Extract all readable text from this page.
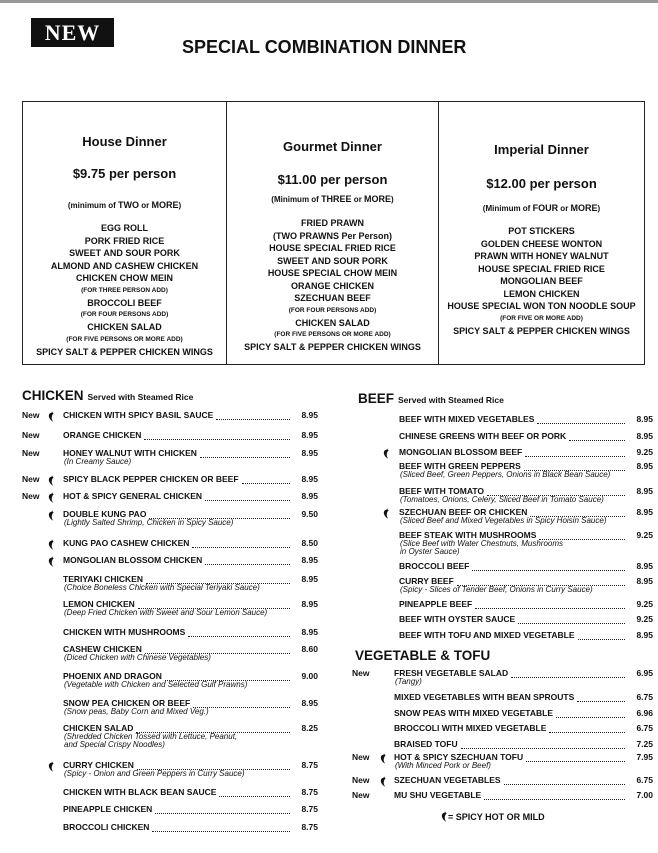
NEW
SPECIAL COMBINATION DINNER
House Dinner
$9.75 per person
(minimum of TWO or MORE)
EGG ROLL
PORK FRIED RICE
SWEET AND SOUR PORK
ALMOND AND CASHEW CHICKEN
CHICKEN CHOW MEIN
(FOR THREE PERSON ADD)
BROCCOLI BEEF
(FOR FOUR PERSONS ADD)
CHICKEN SALAD
(FOR FIVE PERSONS OR MORE ADD)
SPICY SALT & PEPPER CHICKEN WINGS
Gourmet Dinner
$11.00 per person
(Minimum of THREE or MORE)
FRIED PRAWN
(TWO PRAWNS Per Person)
HOUSE SPECIAL FRIED RICE
SWEET AND SOUR PORK
HOUSE SPECIAL CHOW MEIN
ORANGE CHICKEN
SZECHUAN BEEF
(FOR FOUR PERSONS ADD)
CHICKEN SALAD
(FOR FIVE PERSONS OR MORE ADD)
SPICY SALT & PEPPER CHICKEN WINGS
Imperial Dinner
$12.00 per person
(Minimum of FOUR or MORE)
POT STICKERS
GOLDEN CHEESE WONTON
PRAWN WITH HONEY WALNUT
HOUSE SPECIAL FRIED RICE
MONGOLIAN BEEF
LEMON CHICKEN
HOUSE SPECIAL WON TON NOODLE SOUP
(FOR FIVE OR MORE ADD)
SPICY SALT & PEPPER CHICKEN WINGS
CHICKEN Served with Steamed Rice	BEEF Served with Steamed Rice
VEGETABLE & TOFU
New	CHICKEN WITH SPICY BASIL SAUCE	8.95
New	ORANGE CHICKEN	8.95
New	HONEY WALNUT WITH CHICKEN	8.95
(In Creamy Sauce)
New	SPICY BLACK PEPPER CHICKEN OR BEEF	8.95
New	HOT & SPICY GENERAL CHICKEN	8.95
DOUBLE KUNG PAO	9.50
(Lightly Salted Shrimp, Chicken in Spicy Sauce)
KUNG PAO CASHEW CHICKEN	8.50
MONGOLIAN BLOSSOM CHICKEN	8.95
TERIYAKI CHICKEN	8.95
(Choice Boneless Chicken with Special Teriyaki Sauce)
LEMON CHICKEN	8.95
(Deep Fried Chicken with Sweet and Sour Lemon Sauce)
CHICKEN WITH MUSHROOMS	8.95
CASHEW CHICKEN	8.60
(Diced Chicken with Chinese Vegetables)
PHOENIX AND DRAGON	9.00
(Vegetable with Chicken and Selected Gulf Prawns)
SNOW PEA CHICKEN OR BEEF	8.95
(Snow peas, Baby Corn and Mixed Veg.)
CHICKEN SALAD	8.25
(Shredded Chicken Tossed with Lettuce, Peanut,
and Special Crispy Noodles)
CURRY CHICKEN	8.75
(Spicy - Onion and Green Peppers in Curry Sauce)
CHICKEN WITH BLACK BEAN SAUCE	8.75
PINEAPPLE CHICKEN	8.75
BROCCOLI CHICKEN	8.75
BEEF WITH MIXED VEGETABLES	8.95
CHINESE GREENS WITH BEEF OR PORK	8.95
MONGOLIAN BLOSSOM BEEF	9.25
BEEF WITH GREEN PEPPERS	8.95
(Sliced Beef, Green Peppers, Onions in Black Bean Sauce)
BEEF WITH TOMATO	8.95
(Tomatoes, Onions, Celery, Sliced Beef in Tomato Sauce)
SZECHUAN BEEF OR CHICKEN	8.95
(Sliced Beef and Mixed Vegetables in Spicy Hoisin Sauce)
BEEF STEAK WITH MUSHROOMS	9.25
(Slice Beef with Water Chestnuts, Mushrooms
in Oyster Sauce)
BROCCOLI BEEF	8.95
CURRY BEEF	8.95
(Spicy - Slices of Tender Beef, Onions in Curry Sauce)
PINEAPPLE BEEF	9.25
BEEF WITH OYSTER SAUCE	9.25
BEEF WITH TOFU AND MIXED VEGETABLE	8.95
New	FRESH VEGETABLE SALAD	6.95
(Tangy)
MIXED VEGETABLES WITH BEAN SPROUTS	6.75
SNOW PEAS WITH MIXED VEGETABLE	6.96
BROCCOLI WITH MIXED VEGETABLE	6.75
BRAISED TOFU	7.25
New	HOT & SPICY SZECHUAN TOFU	7.95
(With Minced Pork or Beef)
New	SZECHUAN VEGETABLES	6.75
New	MU SHU VEGETABLE	7.00
= SPICY HOT OR MILD
